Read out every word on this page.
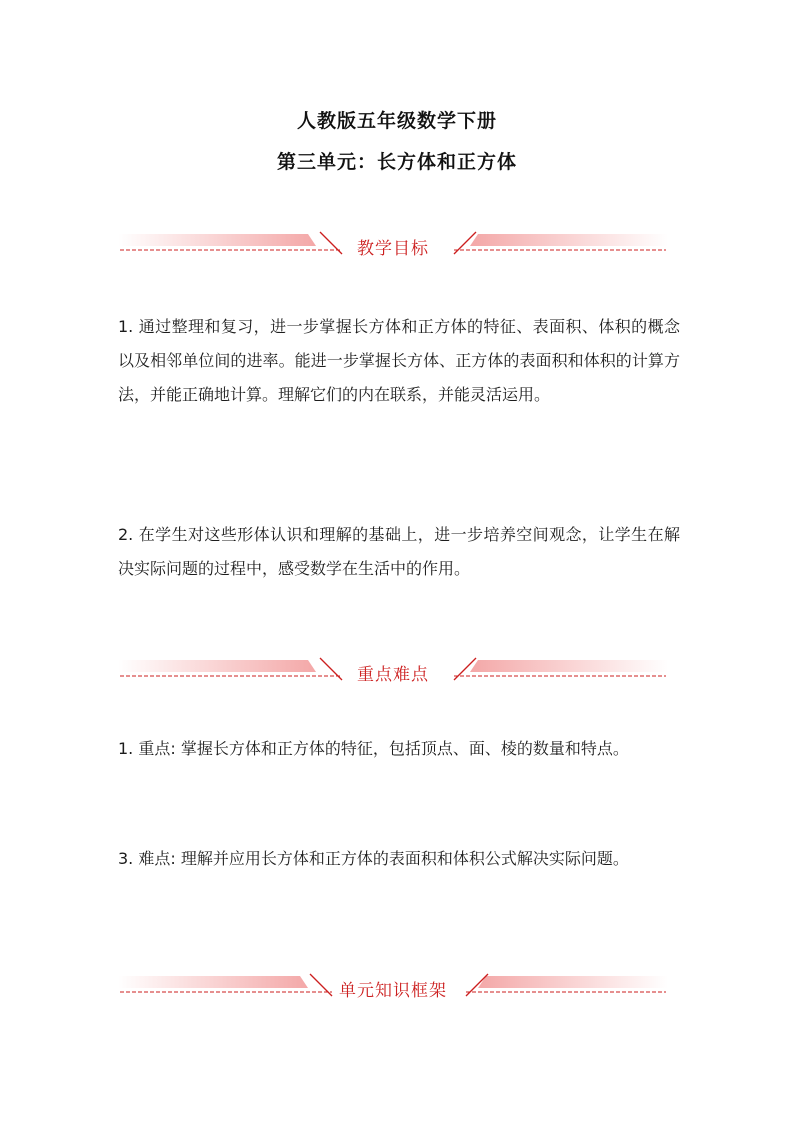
人教版五年级数学下册
第三单元：长方体和正方体
教学目标
1. 通过整理和复习，进一步掌握长方体和正方体的特征、表面积、体积的概念以及相邻单位间的进率。能进一步掌握长方体、正方体的表面积和体积的计算方法，并能正确地计算。理解它们的内在联系，并能灵活运用。
2. 在学生对这些形体认识和理解的基础上，进一步培养空间观念，让学生在解决实际问题的过程中，感受数学在生活中的作用。
重点难点
1. 重点: 掌握长方体和正方体的特征，包括顶点、面、棱的数量和特点。
3. 难点: 理解并应用长方体和正方体的表面积和体积公式解决实际问题。
单元知识框架
